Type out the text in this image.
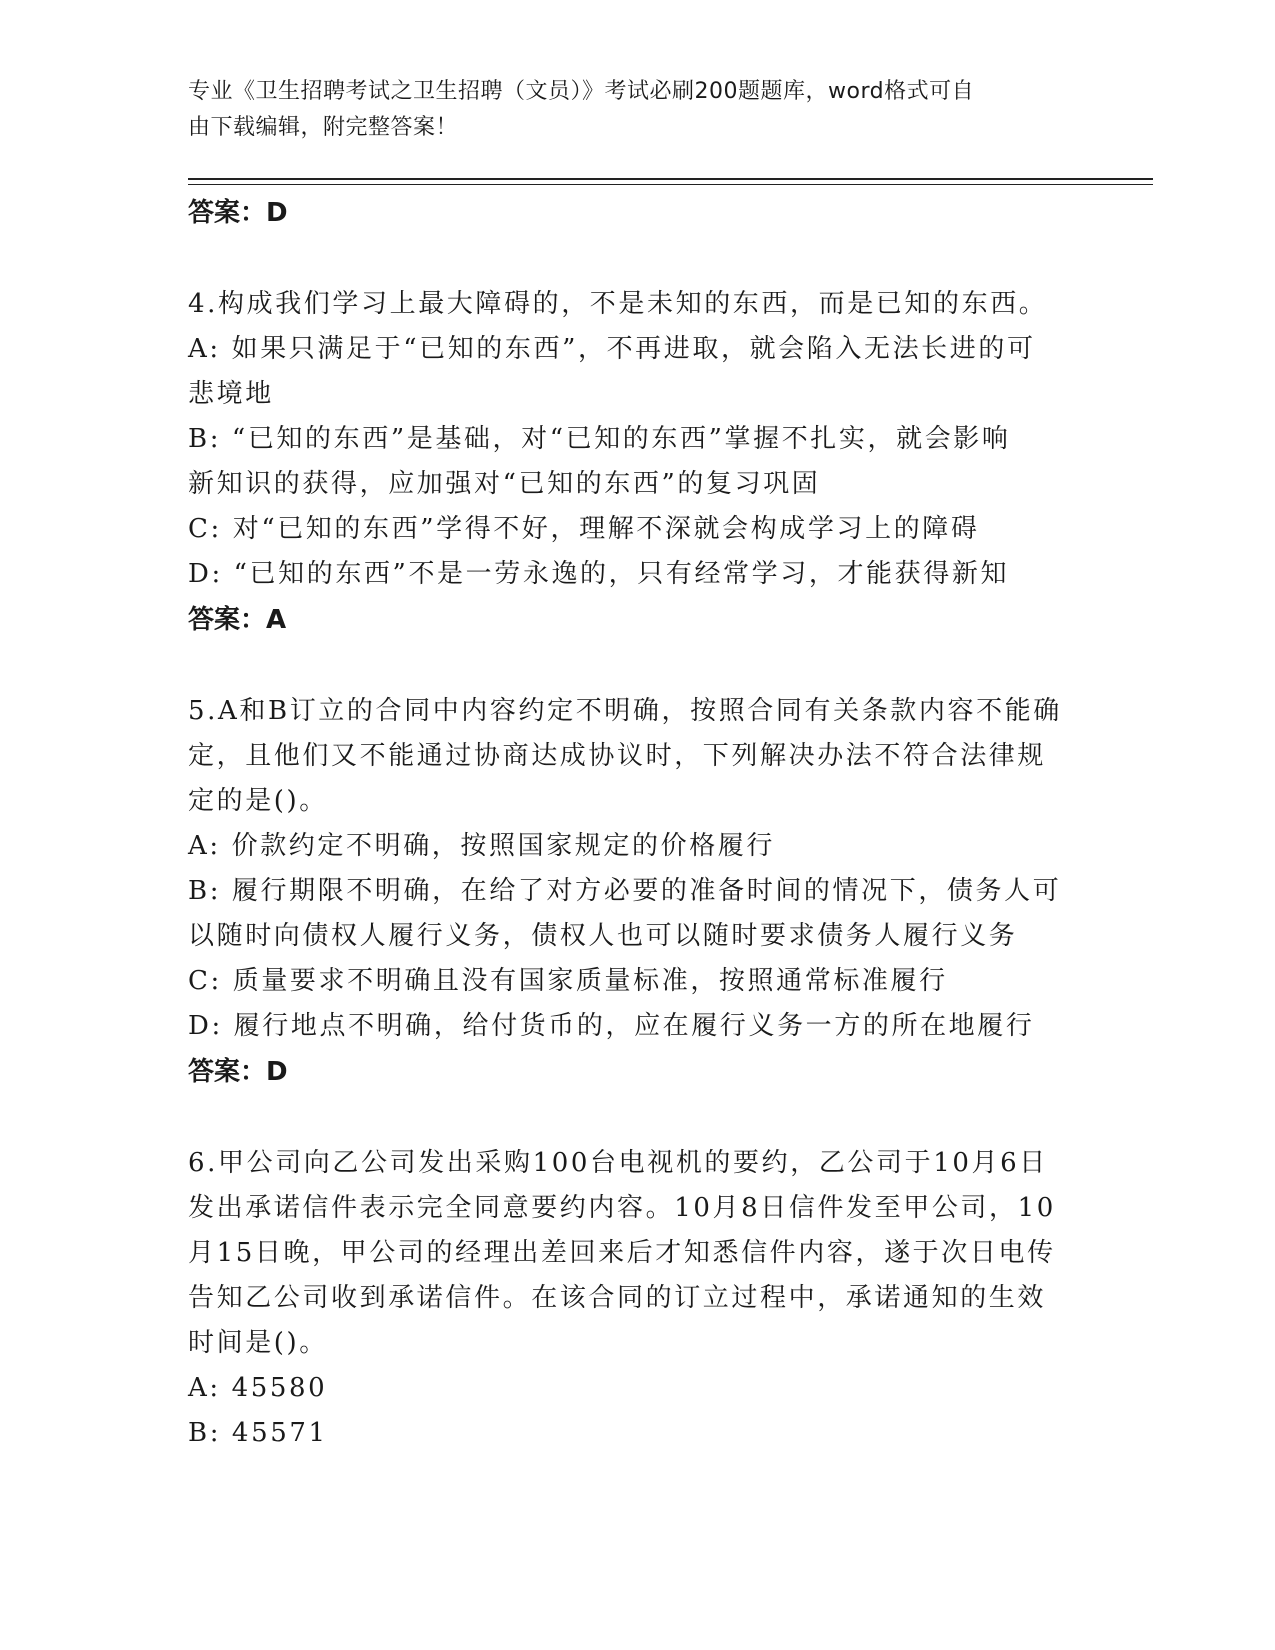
专业《卫生招聘考试之卫生招聘（文员）》考试必刷200题题库，word格式可自
由下载编辑，附完整答案！
答案：D
4.构成我们学习上最大障碍的，不是未知的东西，而是已知的东西。
A: 如果只满足于“已知的东西”，不再进取，就会陷入无法长进的可
悲境地
B: “已知的东西”是基础，对“已知的东西”掌握不扎实，就会影响
新知识的获得，应加强对“已知的东西”的复习巩固
C: 对“已知的东西”学得不好，理解不深就会构成学习上的障碍
D: “已知的东西”不是一劳永逸的，只有经常学习，才能获得新知
答案：A
5.A和B订立的合同中内容约定不明确，按照合同有关条款内容不能确
定，且他们又不能通过协商达成协议时，下列解决办法不符合法律规
定的是()。
A: 价款约定不明确，按照国家规定的价格履行
B: 履行期限不明确，在给了对方必要的准备时间的情况下，债务人可
以随时向债权人履行义务，债权人也可以随时要求债务人履行义务
C: 质量要求不明确且没有国家质量标准，按照通常标准履行
D: 履行地点不明确，给付货币的，应在履行义务一方的所在地履行
答案：D
6.甲公司向乙公司发出采购100台电视机的要约，乙公司于10月6日
发出承诺信件表示完全同意要约内容。10月8日信件发至甲公司，10
月15日晚，甲公司的经理出差回来后才知悉信件内容，遂于次日电传
告知乙公司收到承诺信件。在该合同的订立过程中，承诺通知的生效
时间是()。
A: 45580
B: 45571
